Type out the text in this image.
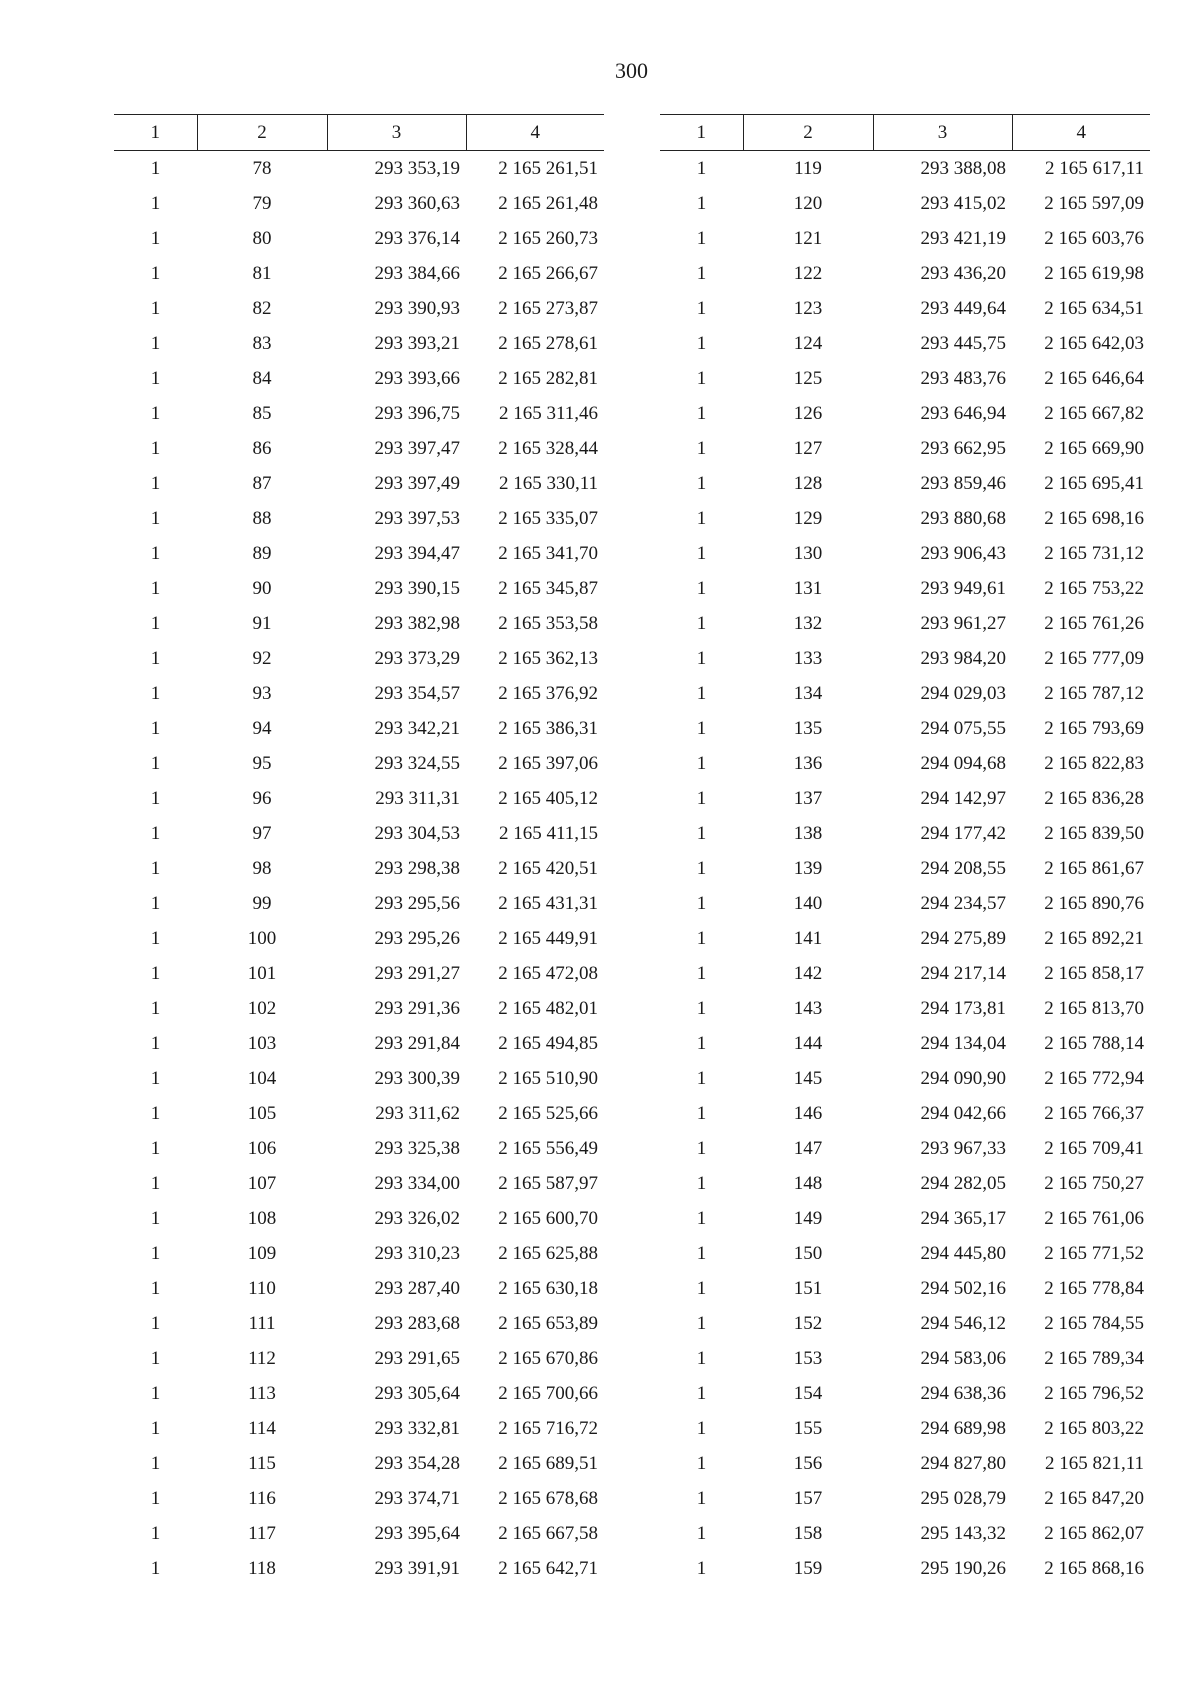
300
1	2	3	4
1	78	293 353,19	2 165 261,51
1	79	293 360,63	2 165 261,48
1	80	293 376,14	2 165 260,73
1	81	293 384,66	2 165 266,67
1	82	293 390,93	2 165 273,87
1	83	293 393,21	2 165 278,61
1	84	293 393,66	2 165 282,81
1	85	293 396,75	2 165 311,46
1	86	293 397,47	2 165 328,44
1	87	293 397,49	2 165 330,11
1	88	293 397,53	2 165 335,07
1	89	293 394,47	2 165 341,70
1	90	293 390,15	2 165 345,87
1	91	293 382,98	2 165 353,58
1	92	293 373,29	2 165 362,13
1	93	293 354,57	2 165 376,92
1	94	293 342,21	2 165 386,31
1	95	293 324,55	2 165 397,06
1	96	293 311,31	2 165 405,12
1	97	293 304,53	2 165 411,15
1	98	293 298,38	2 165 420,51
1	99	293 295,56	2 165 431,31
1	100	293 295,26	2 165 449,91
1	101	293 291,27	2 165 472,08
1	102	293 291,36	2 165 482,01
1	103	293 291,84	2 165 494,85
1	104	293 300,39	2 165 510,90
1	105	293 311,62	2 165 525,66
1	106	293 325,38	2 165 556,49
1	107	293 334,00	2 165 587,97
1	108	293 326,02	2 165 600,70
1	109	293 310,23	2 165 625,88
1	110	293 287,40	2 165 630,18
1	111	293 283,68	2 165 653,89
1	112	293 291,65	2 165 670,86
1	113	293 305,64	2 165 700,66
1	114	293 332,81	2 165 716,72
1	115	293 354,28	2 165 689,51
1	116	293 374,71	2 165 678,68
1	117	293 395,64	2 165 667,58
1	118	293 391,91	2 165 642,71
1	2	3	4
1	119	293 388,08	2 165 617,11
1	120	293 415,02	2 165 597,09
1	121	293 421,19	2 165 603,76
1	122	293 436,20	2 165 619,98
1	123	293 449,64	2 165 634,51
1	124	293 445,75	2 165 642,03
1	125	293 483,76	2 165 646,64
1	126	293 646,94	2 165 667,82
1	127	293 662,95	2 165 669,90
1	128	293 859,46	2 165 695,41
1	129	293 880,68	2 165 698,16
1	130	293 906,43	2 165 731,12
1	131	293 949,61	2 165 753,22
1	132	293 961,27	2 165 761,26
1	133	293 984,20	2 165 777,09
1	134	294 029,03	2 165 787,12
1	135	294 075,55	2 165 793,69
1	136	294 094,68	2 165 822,83
1	137	294 142,97	2 165 836,28
1	138	294 177,42	2 165 839,50
1	139	294 208,55	2 165 861,67
1	140	294 234,57	2 165 890,76
1	141	294 275,89	2 165 892,21
1	142	294 217,14	2 165 858,17
1	143	294 173,81	2 165 813,70
1	144	294 134,04	2 165 788,14
1	145	294 090,90	2 165 772,94
1	146	294 042,66	2 165 766,37
1	147	293 967,33	2 165 709,41
1	148	294 282,05	2 165 750,27
1	149	294 365,17	2 165 761,06
1	150	294 445,80	2 165 771,52
1	151	294 502,16	2 165 778,84
1	152	294 546,12	2 165 784,55
1	153	294 583,06	2 165 789,34
1	154	294 638,36	2 165 796,52
1	155	294 689,98	2 165 803,22
1	156	294 827,80	2 165 821,11
1	157	295 028,79	2 165 847,20
1	158	295 143,32	2 165 862,07
1	159	295 190,26	2 165 868,16
